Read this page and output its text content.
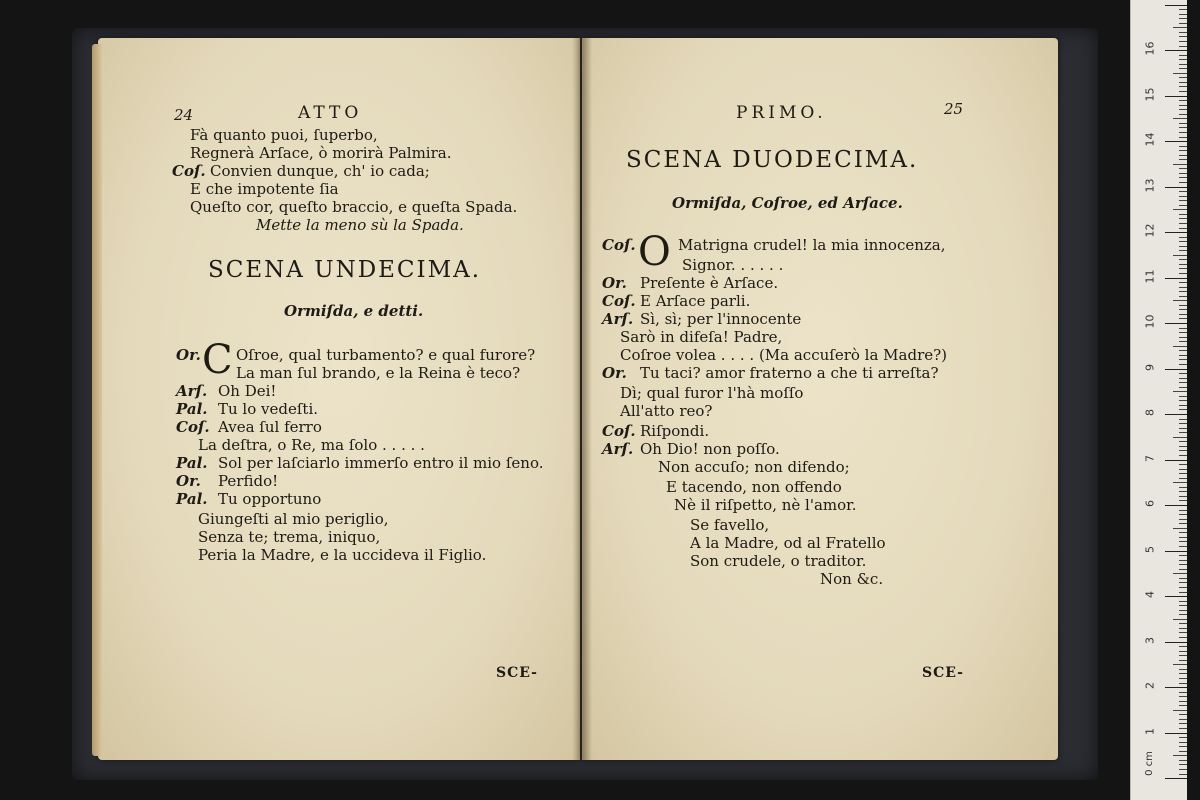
24	ATTO
Fà quanto puoi, ſuperbo,
Regnerà Arſace, ò morirà Palmira.
Coſ. Convien dunque, ch' io cada;
E che impotente ſia
Queſto cor, queſto braccio, e queſta Spada.
Mette la meno sù la Spada.
SCENA UNDECIMA.
Ormiſda, e detti.
Or. C Oſroe, qual turbamento? e qual furore?
La man ſul brando, e la Reina è teco?
Arſ. Oh Dei!
Pal. Tu lo vedeſti.
Coſ. Avea ſul ferro
La deſtra, o Re, ma ſolo . . . . .
Pal. Sol per laſciarlo immerſo entro il mio ſeno.
Or. Perfido!
Pal. Tu opportuno
Giungeſti al mio periglio,
Senza te; trema, iniquo,
Peria la Madre, e la uccideva il Figlio.
SCE-
PRIMO.	25
SCENA DUODECIMA.
Ormiſda, Coſroe, ed Arſace.
Coſ. O Matrigna crudel! la mia innocenza,
Signor. . . . . .
Or. Preſente è Arſace.
Coſ. E Arſace parli.
Arſ. Sì, sì; per l'innocente
Sarò in difeſa! Padre,
Coſroe volea . . . . (Ma accuſerò la Madre?)
Or. Tu taci? amor fraterno a che ti arreſta?
Dì; qual furor l'hà moſſo
All'atto reo?
Coſ. Riſpondi.
Arſ. Oh Dio! non poſſo.
Non accuſo; non difendo;
E tacendo, non offendo
Nè il riſpetto, nè l'amor.
Se favello,
A la Madre, od al Fratello
Son crudele, o traditor.
Non &c.
SCE-
0 cm
1
2
3
4
5
6
7
8
9
10
11
12
13
14
15
16
